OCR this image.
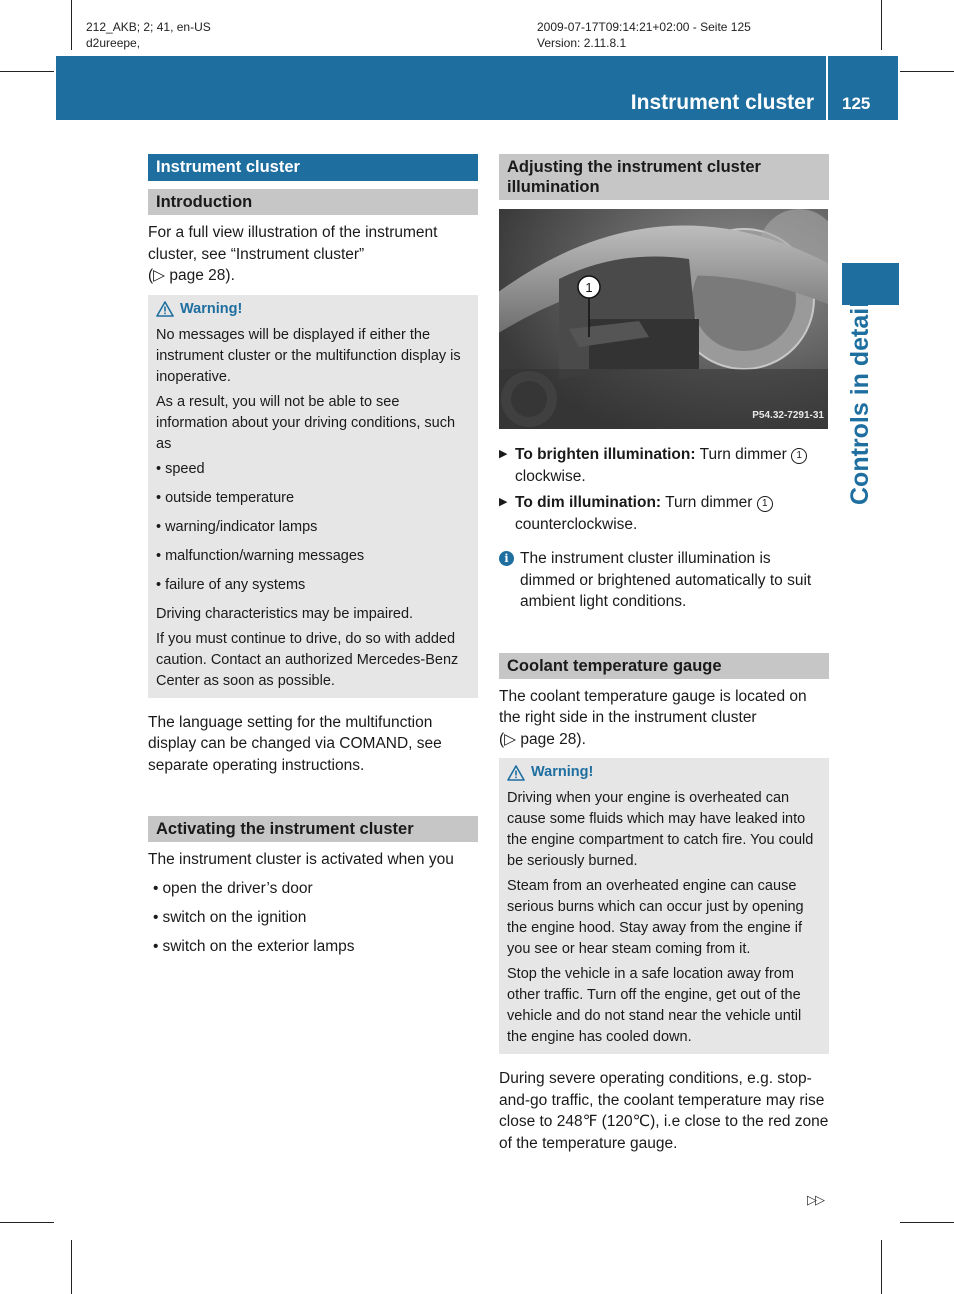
212_AKB; 2; 41, en-US
d2ureepe,
2009-07-17T09:14:21+02:00 - Seite 125
Version: 2.11.8.1
Instrument cluster 125
Controls in detail
Instrument cluster
Introduction
For a full view illustration of the instrument
cluster, see “Instrument cluster”
(▷ page 28).
Warning!

No messages will be displayed if either the instrument cluster or the multifunction display is inoperative.

As a result, you will not be able to see information about your driving conditions, such as

• speed
• outside temperature
• warning/indicator lamps
• malfunction/warning messages
• failure of any systems

Driving characteristics may be impaired.

If you must continue to drive, do so with added caution. Contact an authorized Mercedes-Benz Center as soon as possible.

The language setting for the multifunction display can be changed via COMAND, see separate operating instructions.

Activating the instrument cluster

The instrument cluster is activated when you

• open the driver’s door
• switch on the ignition
• switch on the exterior lamps
Adjusting the instrument cluster illumination
1
P54.32-7291-31
▶ To brighten illumination: Turn dimmer 1 clockwise.
▶ To dim illumination: Turn dimmer 1 counterclockwise.
i The instrument cluster illumination is dimmed or brightened automatically to suit ambient light conditions.
Coolant temperature gauge
The coolant temperature gauge is located on
the right side in the instrument cluster
(▷ page 28).
Warning!

Driving when your engine is overheated can cause some fluids which may have leaked into the engine compartment to catch fire. You could be seriously burned.

Steam from an overheated engine can cause serious burns which can occur just by opening the engine hood. Stay away from the engine if you see or hear steam coming from it.

Stop the vehicle in a safe location away from other traffic. Turn off the engine, get out of the vehicle and do not stand near the vehicle until the engine has cooled down.

During severe operating conditions, e.g. stop-and-go traffic, the coolant temperature may rise close to 248℉ (120℃), i.e close to the red zone of the temperature gauge.

▷▷
